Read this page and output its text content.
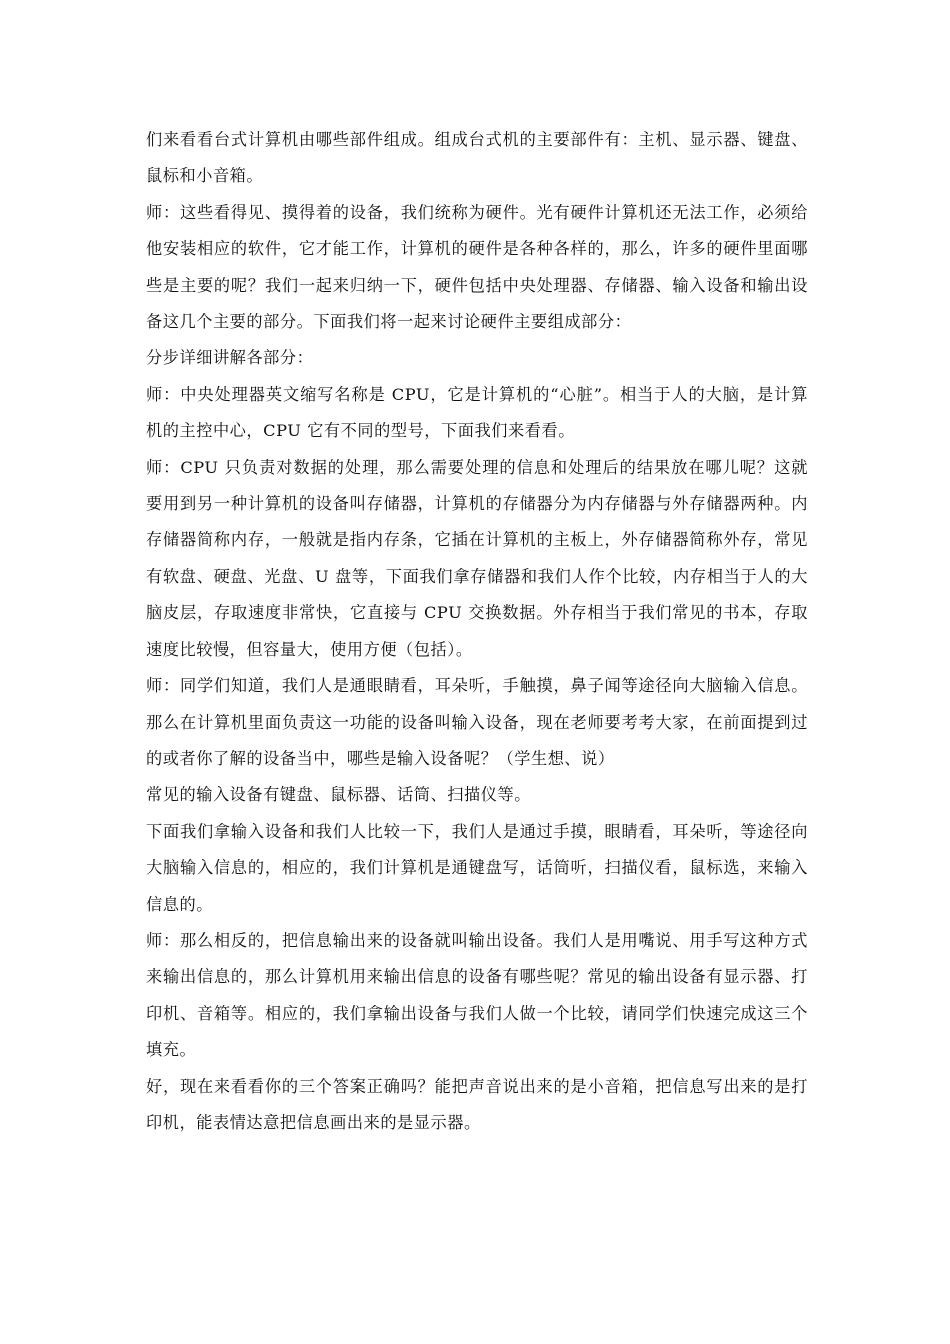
们来看看台式计算机由哪些部件组成。组成台式机的主要部件有：主机、显示器、键盘、鼠标和小音箱。

师：这些看得见、摸得着的设备，我们统称为硬件。光有硬件计算机还无法工作，必须给他安装相应的软件，它才能工作，计算机的硬件是各种各样的，那么，许多的硬件里面哪些是主要的呢？我们一起来归纳一下，硬件包括中央处理器、存储器、输入设备和输出设备这几个主要的部分。下面我们将一起来讨论硬件主要组成部分：

分步详细讲解各部分：

师：中央处理器英文缩写名称是 CPU，它是计算机的“心脏”。相当于人的大脑，是计算机的主控中心，CPU 它有不同的型号，下面我们来看看。

师：CPU 只负责对数据的处理，那么需要处理的信息和处理后的结果放在哪儿呢？这就要用到另一种计算机的设备叫存储器，计算机的存储器分为内存储器与外存储器两种。内存储器简称内存，一般就是指内存条，它插在计算机的主板上，外存储器简称外存，常见有软盘、硬盘、光盘、U 盘等，下面我们拿存储器和我们人作个比较，内存相当于人的大脑皮层，存取速度非常快，它直接与 CPU 交换数据。外存相当于我们常见的书本，存取速度比较慢，但容量大，使用方便（包括）。

师：同学们知道，我们人是通眼睛看，耳朵听，手触摸，鼻子闻等途径向大脑输入信息。那么在计算机里面负责这一功能的设备叫输入设备，现在老师要考考大家，在前面提到过的或者你了解的设备当中，哪些是输入设备呢？（学生想、说）

常见的输入设备有键盘、鼠标器、话筒、扫描仪等。

下面我们拿输入设备和我们人比较一下，我们人是通过手摸，眼睛看，耳朵听，等途径向大脑输入信息的，相应的，我们计算机是通键盘写，话筒听，扫描仪看，鼠标选，来输入信息的。

师：那么相反的，把信息输出来的设备就叫输出设备。我们人是用嘴说、用手写这种方式来输出信息的，那么计算机用来输出信息的设备有哪些呢？常见的输出设备有显示器、打印机、音箱等。相应的，我们拿输出设备与我们人做一个比较，请同学们快速完成这三个填充。

好，现在来看看你的三个答案正确吗？能把声音说出来的是小音箱，把信息写出来的是打印机，能表情达意把信息画出来的是显示器。
